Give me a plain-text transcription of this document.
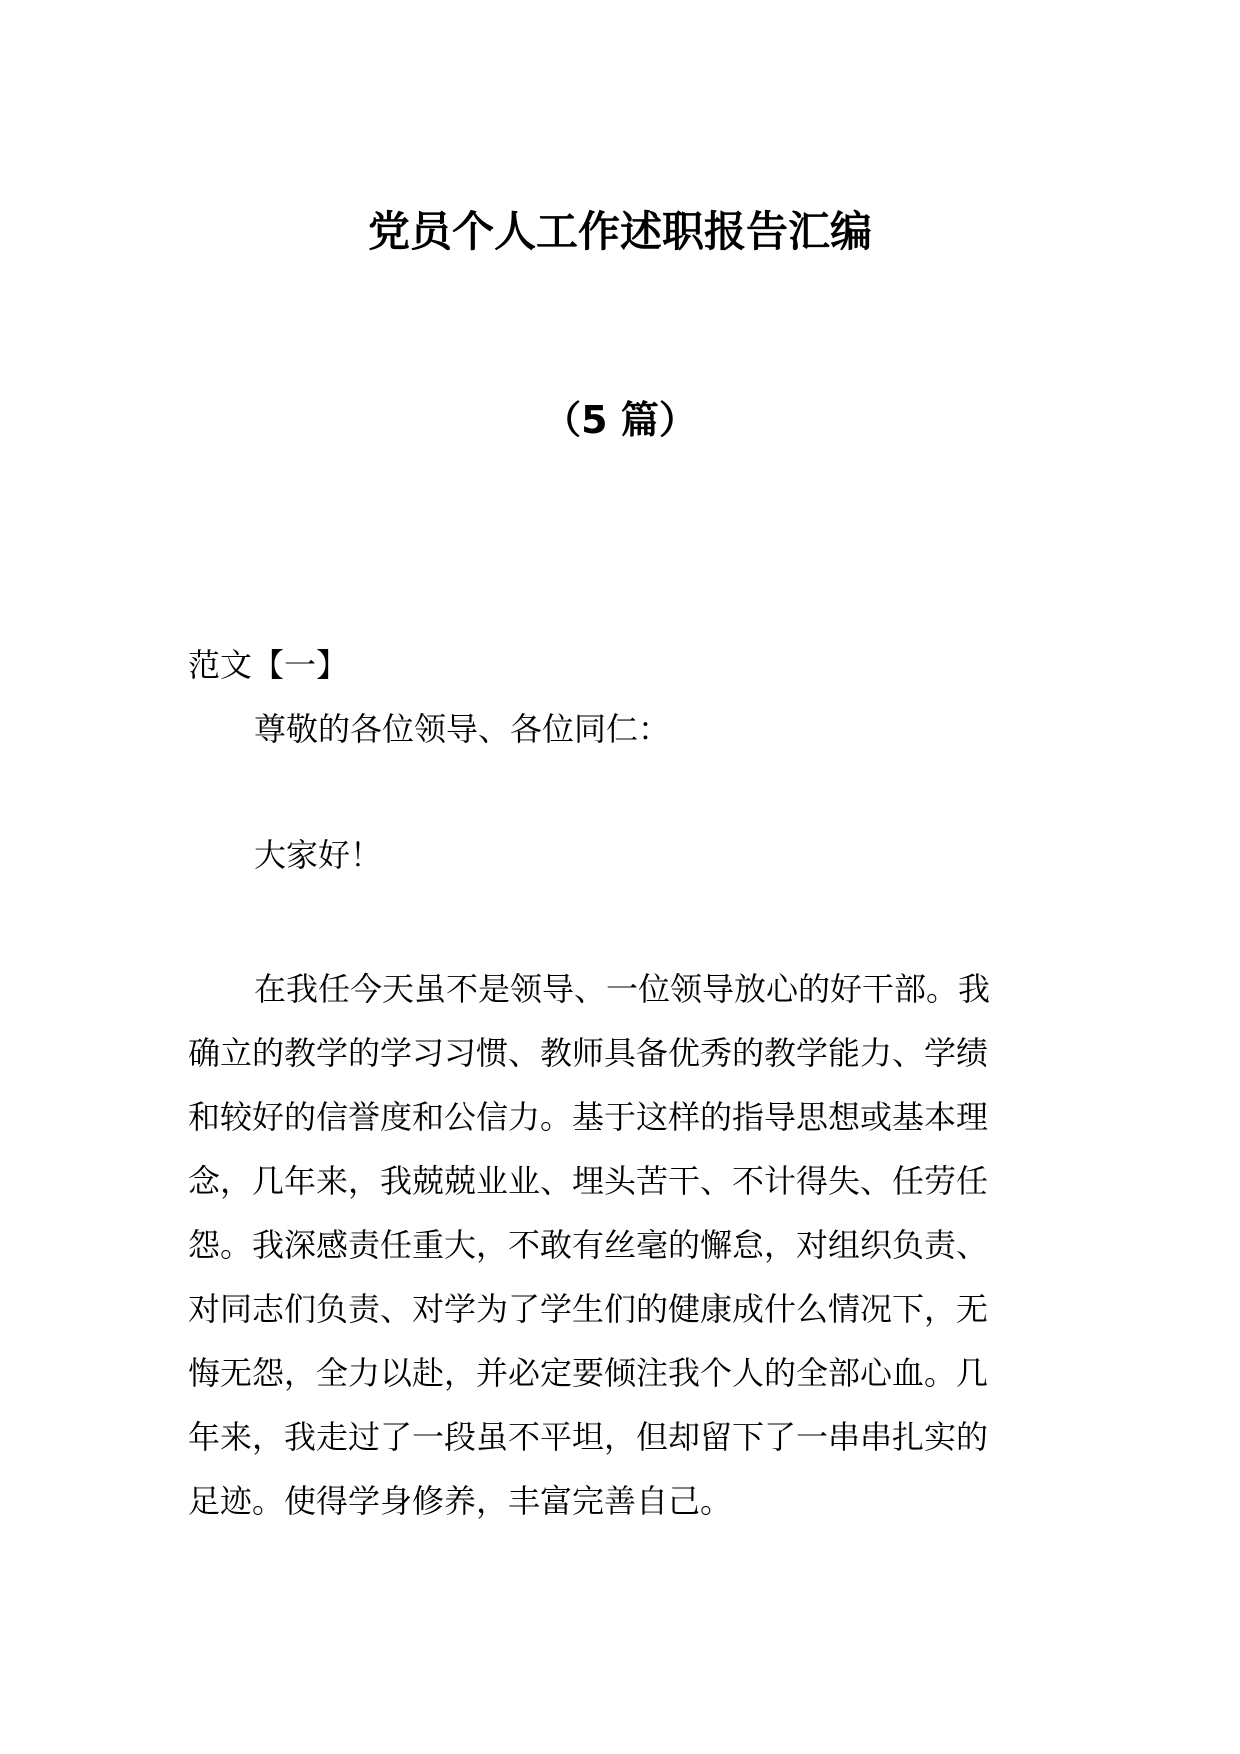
党员个人工作述职报告汇编
（5 篇）
范文【一】
尊敬的各位领导、各位同仁：
大家好！
在我任今天虽不是领导、一位领导放心的好干部。我
确立的教学的学习习惯、教师具备优秀的教学能力、学绩
和较好的信誉度和公信力。基于这样的指导思想或基本理
念，几年来，我兢兢业业、埋头苦干、不计得失、任劳任
怨。我深感责任重大，不敢有丝毫的懈怠，对组织负责、
对同志们负责、对学为了学生们的健康成什么情况下，无
悔无怨，全力以赴，并必定要倾注我个人的全部心血。几
年来，我走过了一段虽不平坦，但却留下了一串串扎实的
足迹。使得学身修养，丰富完善自己。
